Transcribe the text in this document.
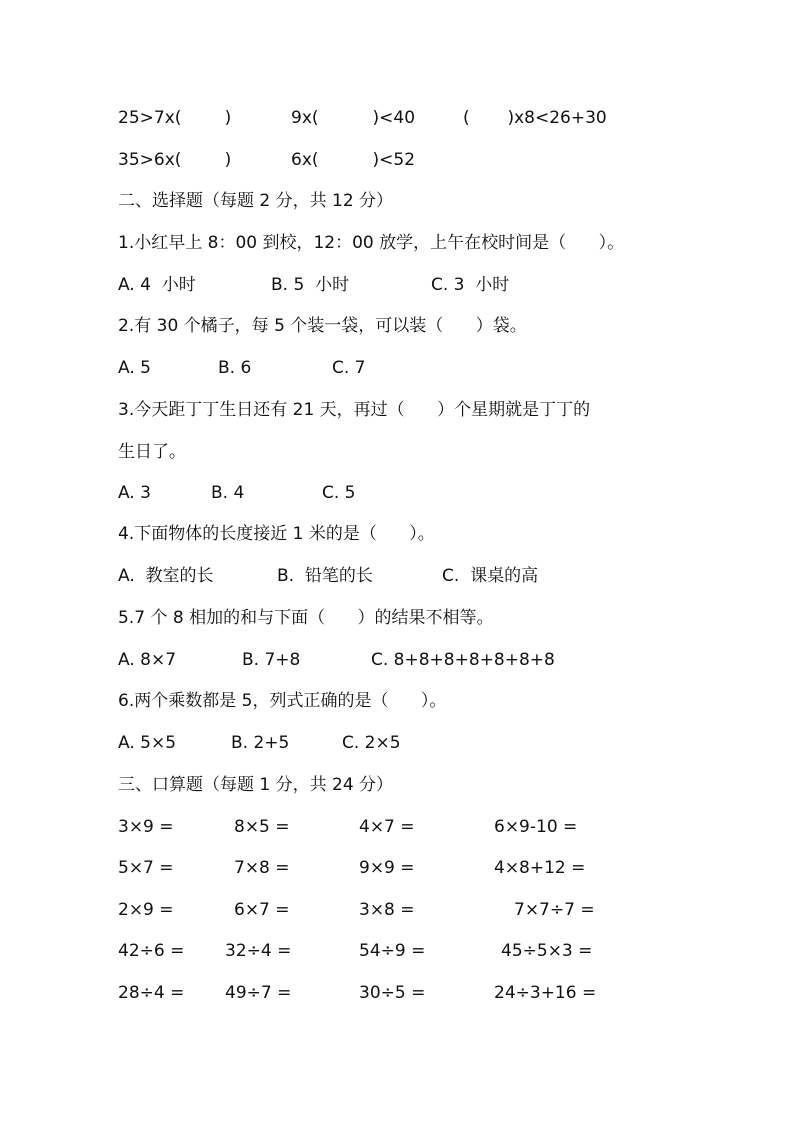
25>7x(        )	9x(          )<40	(       )x8<26+30
35>6x(        )	6x(          )<52
二、选择题（每题 2 分，共 12 分）
1.小红早上 8：00 到校，12：00 放学，上午在校时间是（      ）。
A. 4  小时	B. 5  小时	C. 3  小时
2.有 30 个橘子，每 5 个装一袋，可以装（      ）袋。
A. 5	B. 6	C. 7
3.今天距丁丁生日还有 21 天，再过（      ）个星期就是丁丁的
生日了。
A. 3	B. 4	C. 5
4.下面物体的长度接近 1 米的是（      ）。
A.  教室的长	B.  铅笔的长	C.  课桌的高
5.7 个 8 相加的和与下面（      ）的结果不相等。
A. 8×7	B. 7+8	C. 8+8+8+8+8+8+8
6.两个乘数都是 5，列式正确的是（      ）。
A. 5×5	B. 2+5	C. 2×5
三、口算题（每题 1 分，共 24 分）
3×9 =	8×5 =	4×7 =	6×9-10 =
5×7 =	7×8 =	9×9 =	4×8+12 =
2×9 =	6×7 =	3×8 =	7×7÷7 =
42÷6 = 32÷4 =	54÷9 =	45÷5×3 =
28÷4 = 49÷7 =	30÷5 =	24÷3+16 =
